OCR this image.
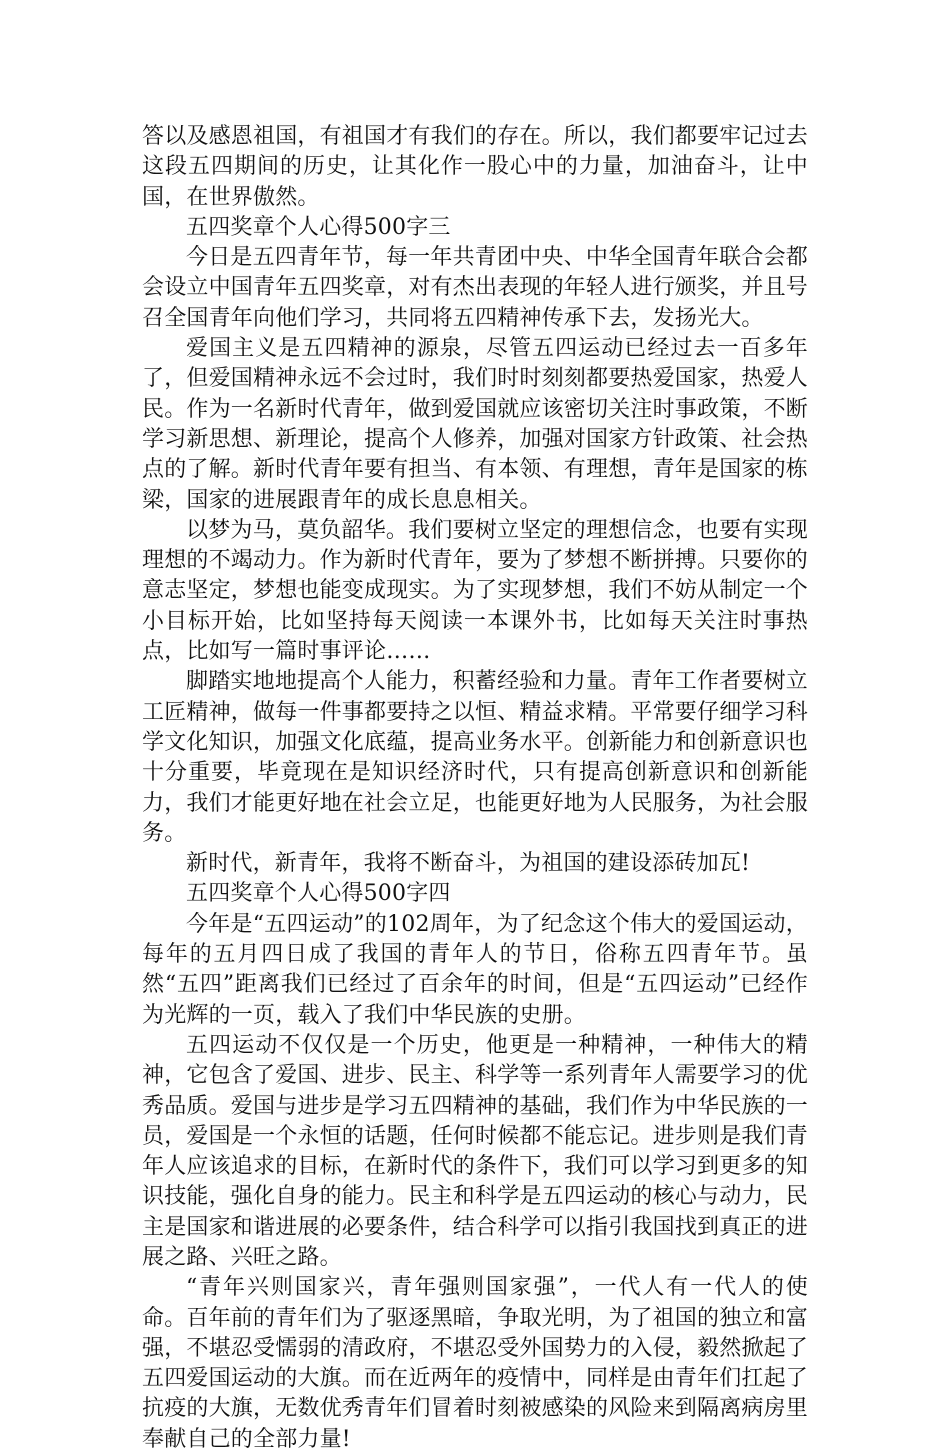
答以及感恩祖国，有祖国才有我们的存在。所以，我们都要牢记过去这段五四期间的历史，让其化作一股心中的力量，加油奋斗，让中国，在世界傲然。

五四奖章个人心得500字三

今日是五四青年节，每一年共青团中央、中华全国青年联合会都会设立中国青年五四奖章，对有杰出表现的年轻人进行颁奖，并且号召全国青年向他们学习，共同将五四精神传承下去，发扬光大。

爱国主义是五四精神的源泉，尽管五四运动已经过去一百多年了，但爱国精神永远不会过时，我们时时刻刻都要热爱国家，热爱人民。作为一名新时代青年，做到爱国就应该密切关注时事政策，不断学习新思想、新理论，提高个人修养，加强对国家方针政策、社会热点的了解。新时代青年要有担当、有本领、有理想，青年是国家的栋梁，国家的进展跟青年的成长息息相关。

以梦为马，莫负韶华。我们要树立坚定的理想信念，也要有实现理想的不竭动力。作为新时代青年，要为了梦想不断拼搏。只要你的意志坚定，梦想也能变成现实。为了实现梦想，我们不妨从制定一个小目标开始，比如坚持每天阅读一本课外书，比如每天关注时事热点，比如写一篇时事评论……

脚踏实地地提高个人能力，积蓄经验和力量。青年工作者要树立工匠精神，做每一件事都要持之以恒、精益求精。平常要仔细学习科学文化知识，加强文化底蕴，提高业务水平。创新能力和创新意识也十分重要，毕竟现在是知识经济时代，只有提高创新意识和创新能力，我们才能更好地在社会立足，也能更好地为人民服务，为社会服务。

新时代，新青年，我将不断奋斗，为祖国的建设添砖加瓦!

五四奖章个人心得500字四

今年是“五四运动”的102周年，为了纪念这个伟大的爱国运动，每年的五月四日成了我国的青年人的节日，俗称五四青年节。虽然“五四”距离我们已经过了百余年的时间，但是“五四运动”已经作为光辉的一页，载入了我们中华民族的史册。

五四运动不仅仅是一个历史，他更是一种精神，一种伟大的精神，它包含了爱国、进步、民主、科学等一系列青年人需要学习的优秀品质。爱国与进步是学习五四精神的基础，我们作为中华民族的一员，爱国是一个永恒的话题，任何时候都不能忘记。进步则是我们青年人应该追求的目标，在新时代的条件下，我们可以学习到更多的知识技能，强化自身的能力。民主和科学是五四运动的核心与动力，民主是国家和谐进展的必要条件，结合科学可以指引我国找到真正的进展之路、兴旺之路。

“青年兴则国家兴，青年强则国家强”，一代人有一代人的使命。百年前的青年们为了驱逐黑暗，争取光明，为了祖国的独立和富强，不堪忍受懦弱的清政府，不堪忍受外国势力的入侵，毅然掀起了五四爱国运动的大旗。而在近两年的疫情中，同样是由青年们扛起了抗疫的大旗，无数优秀青年们冒着时刻被感染的风险来到隔离病房里奉献自己的全部力量!
